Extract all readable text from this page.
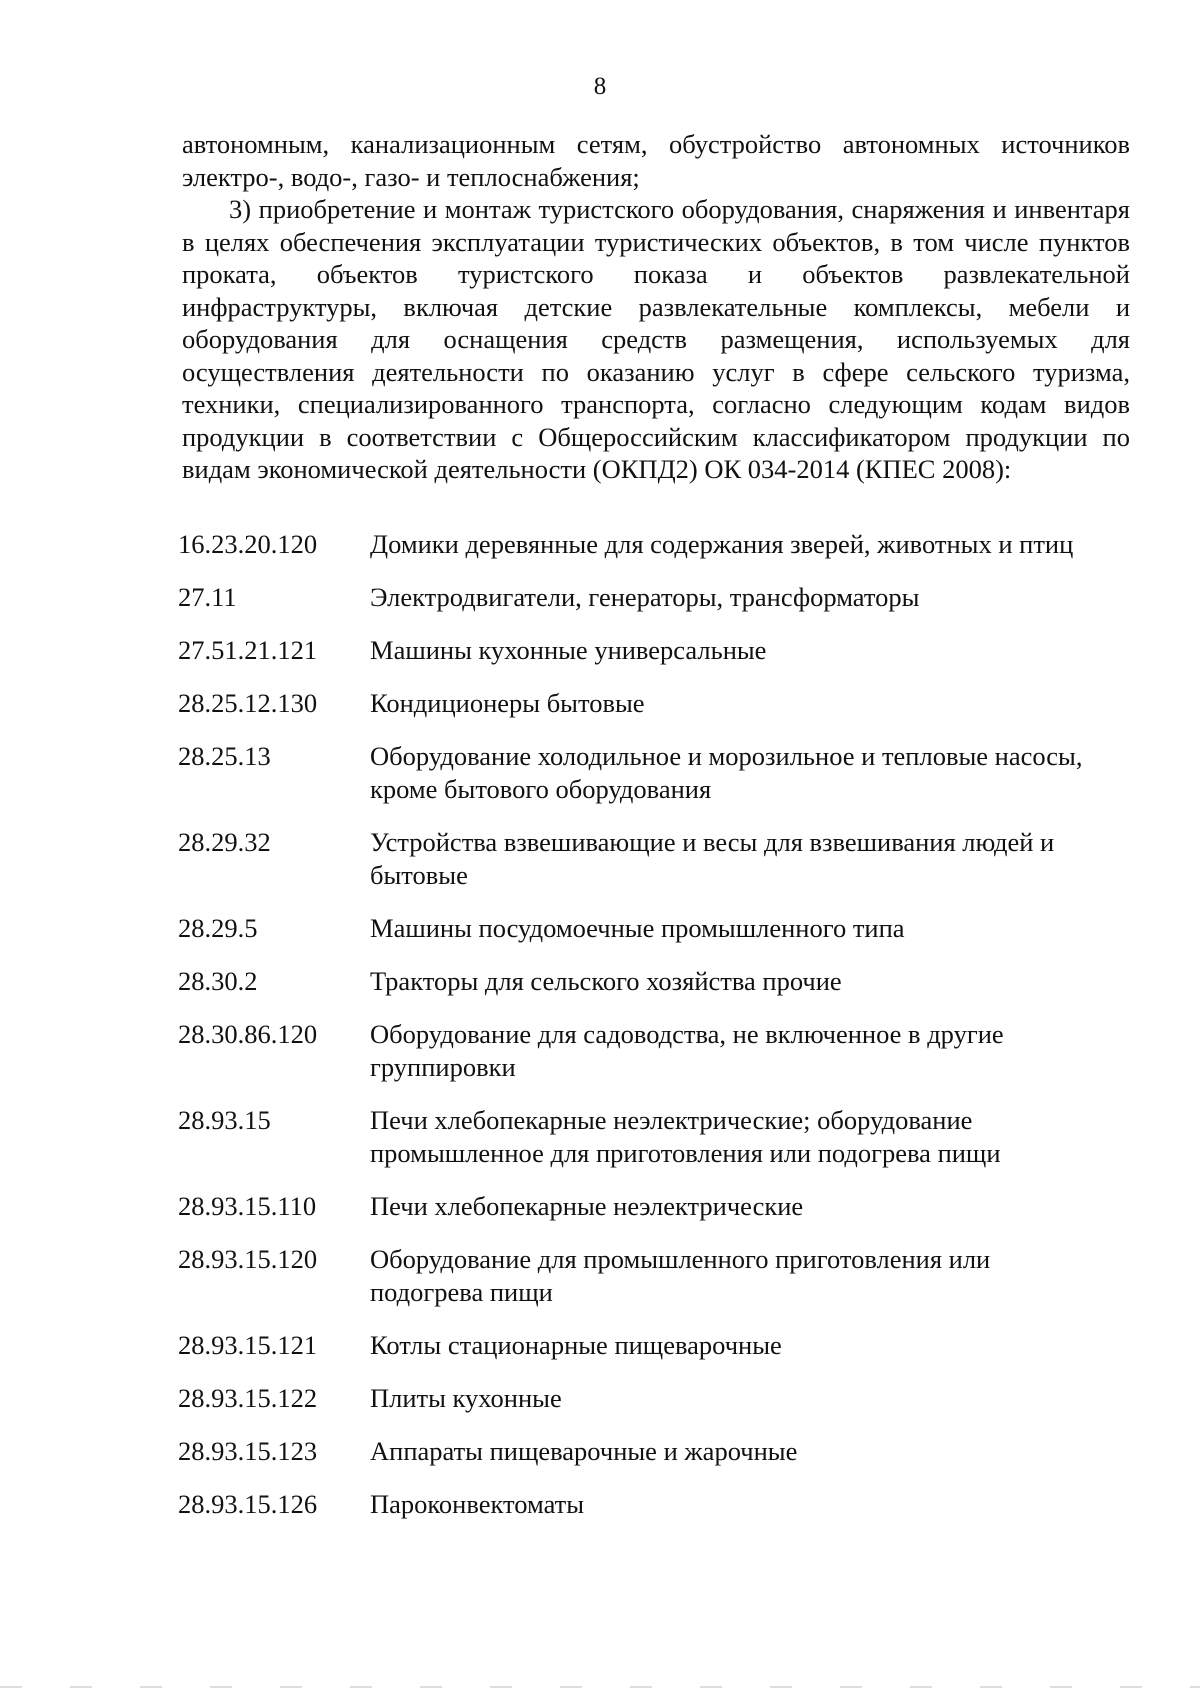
8

автономным, канализационным сетям, обустройство автономных источников электро-, водо-, газо- и теплоснабжения;

3) приобретение и монтаж туристского оборудования, снаряжения и инвентаря в целях обеспечения эксплуатации туристических объектов, в том числе пунктов проката, объектов туристского показа и объектов развлекательной инфраструктуры, включая детские развлекательные комплексы, мебели и оборудования для оснащения средств размещения, используемых для осуществления деятельности по оказанию услуг в сфере сельского туризма, техники, специализированного транспорта, согласно следующим кодам видов продукции в соответствии с Общероссийским классификатором продукции по видам экономической деятельности (ОКПД2) ОК 034-2014 (КПЕС 2008):

16.23.20.120	Домики деревянные для содержания зверей, животных и птиц
27.11	Электродвигатели, генераторы, трансформаторы
27.51.21.121	Машины кухонные универсальные
28.25.12.130	Кондиционеры бытовые
28.25.13	Оборудование холодильное и морозильное и тепловые насосы, кроме бытового оборудования
28.29.32	Устройства взвешивающие и весы для взвешивания людей и бытовые
28.29.5	Машины посудомоечные промышленного типа
28.30.2	Тракторы для сельского хозяйства прочие
28.30.86.120	Оборудование для садоводства, не включенное в другие группировки
28.93.15	Печи хлебопекарные неэлектрические; оборудование промышленное для приготовления или подогрева пищи
28.93.15.110	Печи хлебопекарные неэлектрические
28.93.15.120	Оборудование для промышленного приготовления или подогрева пищи
28.93.15.121	Котлы стационарные пищеварочные
28.93.15.122	Плиты кухонные
28.93.15.123	Аппараты пищеварочные и жарочные
28.93.15.126	Пароконвектоматы
